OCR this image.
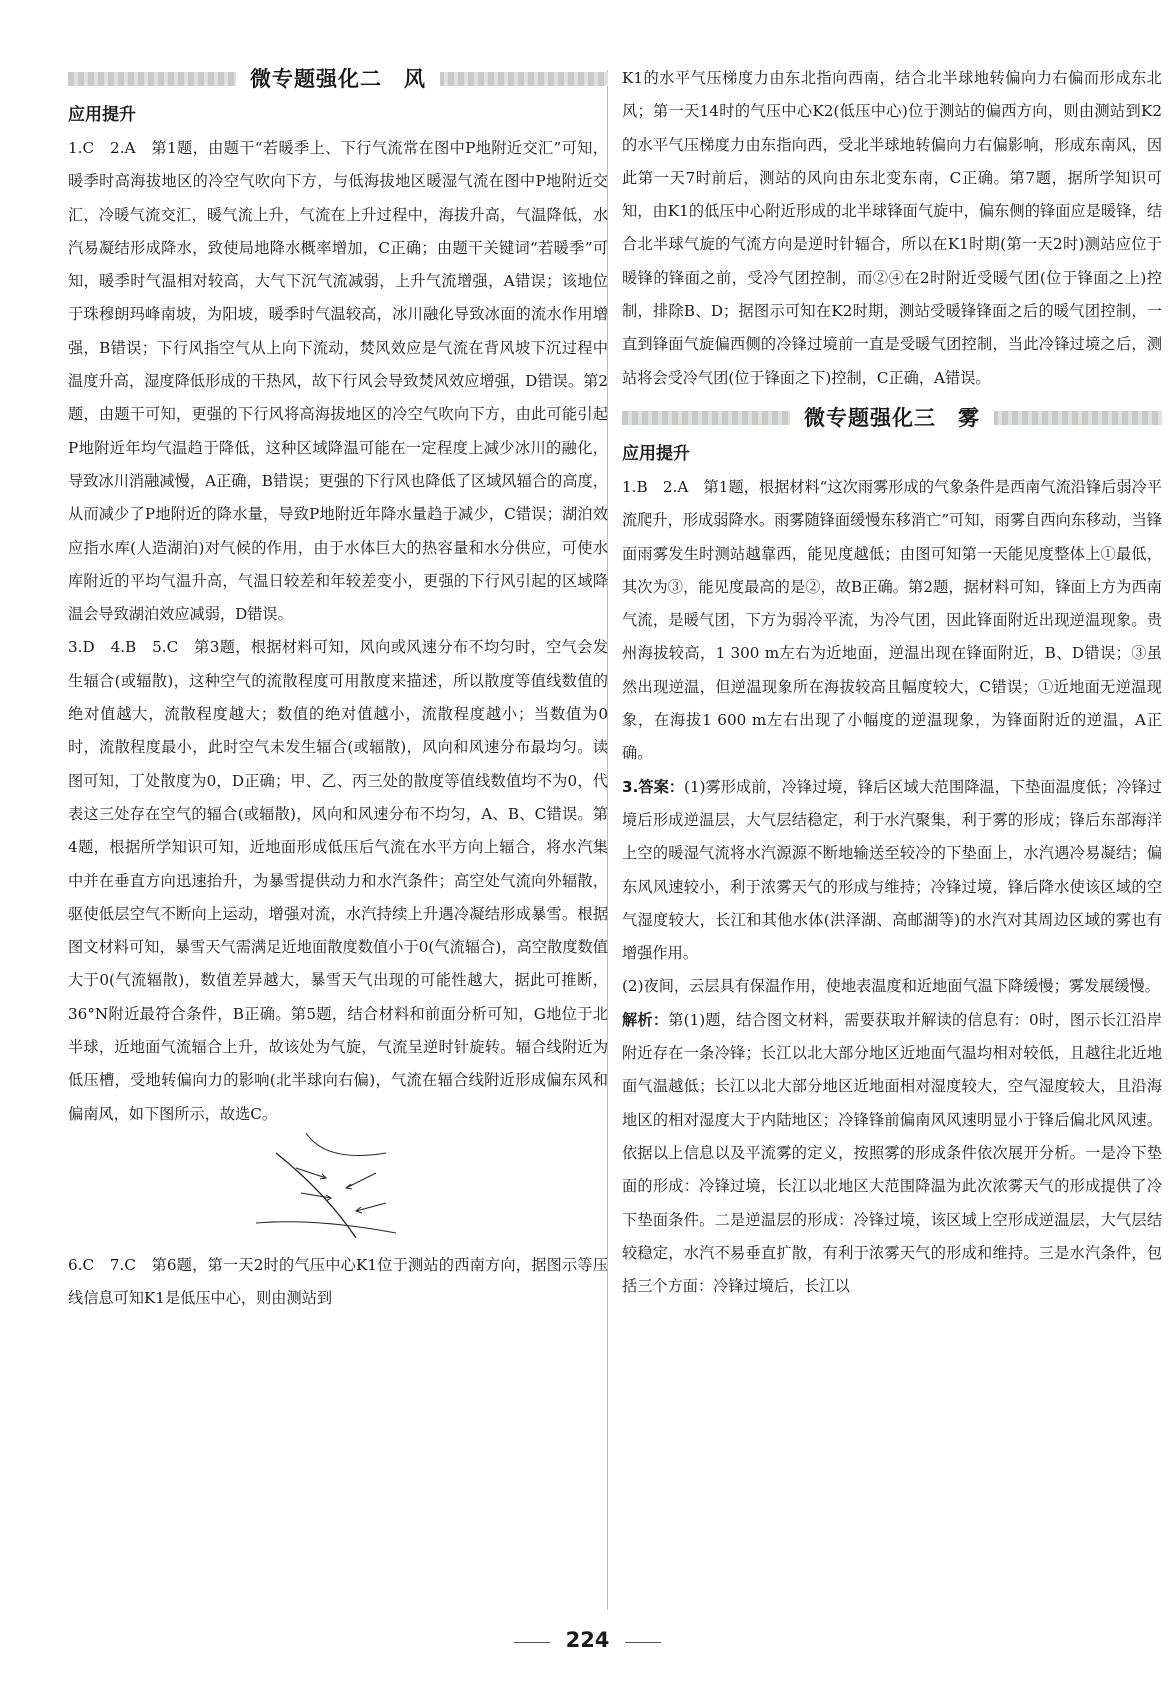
微专题强化二　风
应用提升

1.C　2.A　第1题，由题干“若暖季上、下行气流常在图中P地附近交汇”可知，暖季时高海拔地区的冷空气吹向下方，与低海拔地区暖湿气流在图中P地附近交汇，冷暖气流交汇，暖气流上升，气流在上升过程中，海拔升高，气温降低，水汽易凝结形成降水，致使局地降水概率增加，C正确；由题干关键词“若暖季”可知，暖季时气温相对较高，大气下沉气流减弱，上升气流增强，A错误；该地位于珠穆朗玛峰南坡，为阳坡，暖季时气温较高，冰川融化导致冰面的流水作用增强，B错误；下行风指空气从上向下流动，焚风效应是气流在背风坡下沉过程中温度升高，湿度降低形成的干热风，故下行风会导致焚风效应增强，D错误。第2题，由题干可知，更强的下行风将高海拔地区的冷空气吹向下方，由此可能引起P地附近年均气温趋于降低，这种区域降温可能在一定程度上减少冰川的融化，导致冰川消融减慢，A正确，B错误；更强的下行风也降低了区域风辐合的高度，从而减少了P地附近的降水量，导致P地附近年降水量趋于减少，C错误；湖泊效应指水库(人造湖泊)对气候的作用，由于水体巨大的热容量和水分供应，可使水库附近的平均气温升高，气温日较差和年较差变小，更强的下行风引起的区域降温会导致湖泊效应减弱，D错误。

3.D　4.B　5.C　第3题，根据材料可知，风向或风速分布不均匀时，空气会发生辐合(或辐散)，这种空气的流散程度可用散度来描述，所以散度等值线数值的绝对值越大，流散程度越大；数值的绝对值越小，流散程度越小；当数值为0时，流散程度最小，此时空气未发生辐合(或辐散)，风向和风速分布最均匀。读图可知，丁处散度为0，D正确；甲、乙、丙三处的散度等值线数值均不为0，代表这三处存在空气的辐合(或辐散)，风向和风速分布不均匀，A、B、C错误。第4题，根据所学知识可知，近地面形成低压后气流在水平方向上辐合，将水汽集中并在垂直方向迅速抬升，为暴雪提供动力和水汽条件；高空处气流向外辐散，驱使低层空气不断向上运动，增强对流，水汽持续上升遇冷凝结形成暴雪。根据图文材料可知，暴雪天气需满足近地面散度数值小于0(气流辐合)，高空散度数值大于0(气流辐散)，数值差异越大，暴雪天气出现的可能性越大，据此可推断，36°N附近最符合条件，B正确。第5题，结合材料和前面分析可知，G地位于北半球，近地面气流辐合上升，故该处为气旋，气流呈逆时针旋转。辐合线附近为低压槽，受地转偏向力的影响(北半球向右偏)，气流在辐合线附近形成偏东风和偏南风，如下图所示，故选C。

6.C　7.C　第6题，第一天2时的气压中心K1位于测站的西南方向，据图示等压线信息可知K1是低压中心，则由测站到

K1的水平气压梯度力由东北指向西南，结合北半球地转偏向力右偏而形成东北风；第一天14时的气压中心K2(低压中心)位于测站的偏西方向，则由测站到K2的水平气压梯度力由东指向西，受北半球地转偏向力右偏影响，形成东南风，因此第一天7时前后，测站的风向由东北变东南，C正确。第7题，据所学知识可知，由K1的低压中心附近形成的北半球锋面气旋中，偏东侧的锋面应是暖锋，结合北半球气旋的气流方向是逆时针辐合，所以在K1时期(第一天2时)测站应位于暖锋的锋面之前，受冷气团控制，而②④在2时附近受暖气团(位于锋面之上)控制，排除B、D；据图示可知在K2时期，测站受暖锋锋面之后的暖气团控制，一直到锋面气旋偏西侧的冷锋过境前一直是受暖气团控制，当此冷锋过境之后，测站将会受冷气团(位于锋面之下)控制，C正确，A错误。

微专题强化三　雾
应用提升

1.B　2.A　第1题，根据材料“这次雨雾形成的气象条件是西南气流沿锋后弱冷平流爬升，形成弱降水。雨雾随锋面缓慢东移消亡”可知，雨雾自西向东移动，当锋面雨雾发生时测站越靠西，能见度越低；由图可知第一天能见度整体上①最低，其次为③，能见度最高的是②，故B正确。第2题，据材料可知，锋面上方为西南气流，是暖气团，下方为弱冷平流，为冷气团，因此锋面附近出现逆温现象。贵州海拔较高，1 300 m左右为近地面，逆温出现在锋面附近，B、D错误；③虽然出现逆温，但逆温现象所在海拔较高且幅度较大，C错误；①近地面无逆温现象，在海拔1 600 m左右出现了小幅度的逆温现象，为锋面附近的逆温，A正确。

3.答案：(1)雾形成前，冷锋过境，锋后区域大范围降温，下垫面温度低；冷锋过境后形成逆温层，大气层结稳定，利于水汽聚集，利于雾的形成；锋后东部海洋上空的暖湿气流将水汽源源不断地输送至较冷的下垫面上，水汽遇冷易凝结；偏东风风速较小，利于浓雾天气的形成与维持；冷锋过境，锋后降水使该区域的空气湿度较大，长江和其他水体(洪泽湖、高邮湖等)的水汽对其周边区域的雾也有增强作用。

(2)夜间，云层具有保温作用，使地表温度和近地面气温下降缓慢；雾发展缓慢。

解析：第(1)题，结合图文材料，需要获取并解读的信息有：0时，图示长江沿岸附近存在一条冷锋；长江以北大部分地区近地面气温均相对较低，且越往北近地面气温越低；长江以北大部分地区近地面相对湿度较大，空气湿度较大，且沿海地区的相对湿度大于内陆地区；冷锋锋前偏南风风速明显小于锋后偏北风风速。依据以上信息以及平流雾的定义，按照雾的形成条件依次展开分析。一是冷下垫面的形成：冷锋过境，长江以北地区大范围降温为此次浓雾天气的形成提供了冷下垫面条件。二是逆温层的形成：冷锋过境，该区域上空形成逆温层，大气层结较稳定，水汽不易垂直扩散，有利于浓雾天气的形成和维持。三是水汽条件，包括三个方面：冷锋过境后，长江以

224
